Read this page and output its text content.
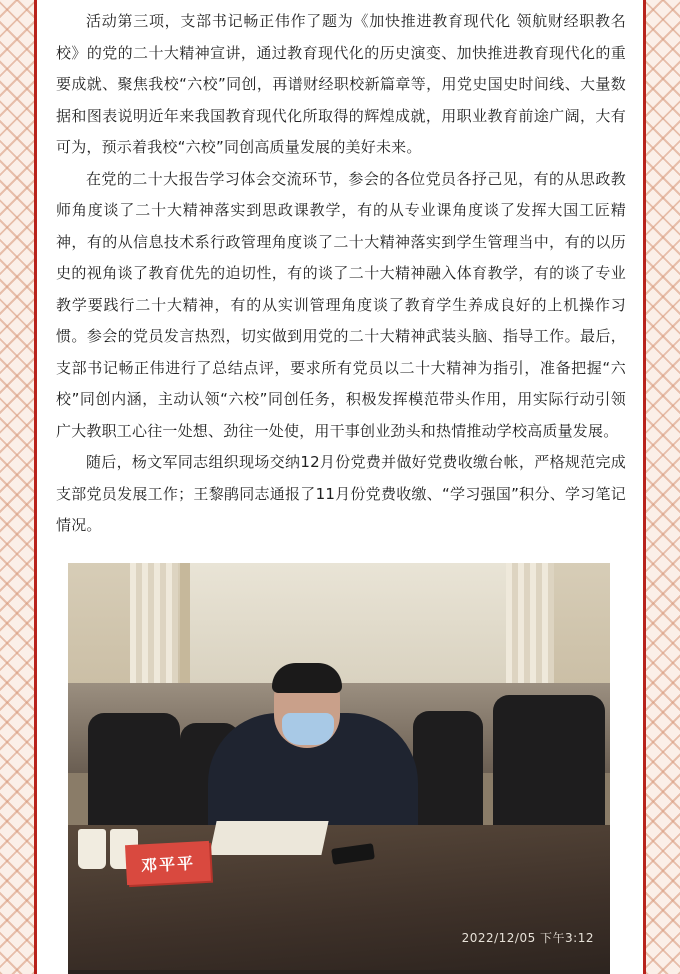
活动第三项，支部书记畅正伟作了题为《加快推进教育现代化 领航财经职教名校》的党的二十大精神宣讲，通过教育现代化的历史演变、加快推进教育现代化的重要成就、聚焦我校“六校”同创，再谱财经职校新篇章等，用党史国史时间线、大量数据和图表说明近年来我国教育现代化所取得的辉煌成就，用职业教育前途广阔，大有可为，预示着我校“六校”同创高质量发展的美好未来。

在党的二十大报告学习体会交流环节，参会的各位党员各抒己见，有的从思政教师角度谈了二十大精神落实到思政课教学，有的从专业课角度谈了发挥大国工匠精神，有的从信息技术系行政管理角度谈了二十大精神落实到学生管理当中，有的以历史的视角谈了教育优先的迫切性，有的谈了二十大精神融入体育教学，有的谈了专业教学要践行二十大精神，有的从实训管理角度谈了教育学生养成良好的上机操作习惯。参会的党员发言热烈，切实做到用党的二十大精神武装头脑、指导工作。最后，支部书记畅正伟进行了总结点评，要求所有党员以二十大精神为指引，准备把握“六校”同创内涵，主动认领“六校”同创任务，积极发挥模范带头作用，用实际行动引领广大教职工心往一处想、劲往一处使，用干事创业劲头和热情推动学校高质量发展。

随后，杨文军同志组织现场交纳12月份党费并做好党费收缴台帐，严格规范完成支部党员发展工作；王黎鹃同志通报了11月份党费收缴、“学习强国”积分、学习笔记情况。

邓平平
2022/12/05 下午3:12
